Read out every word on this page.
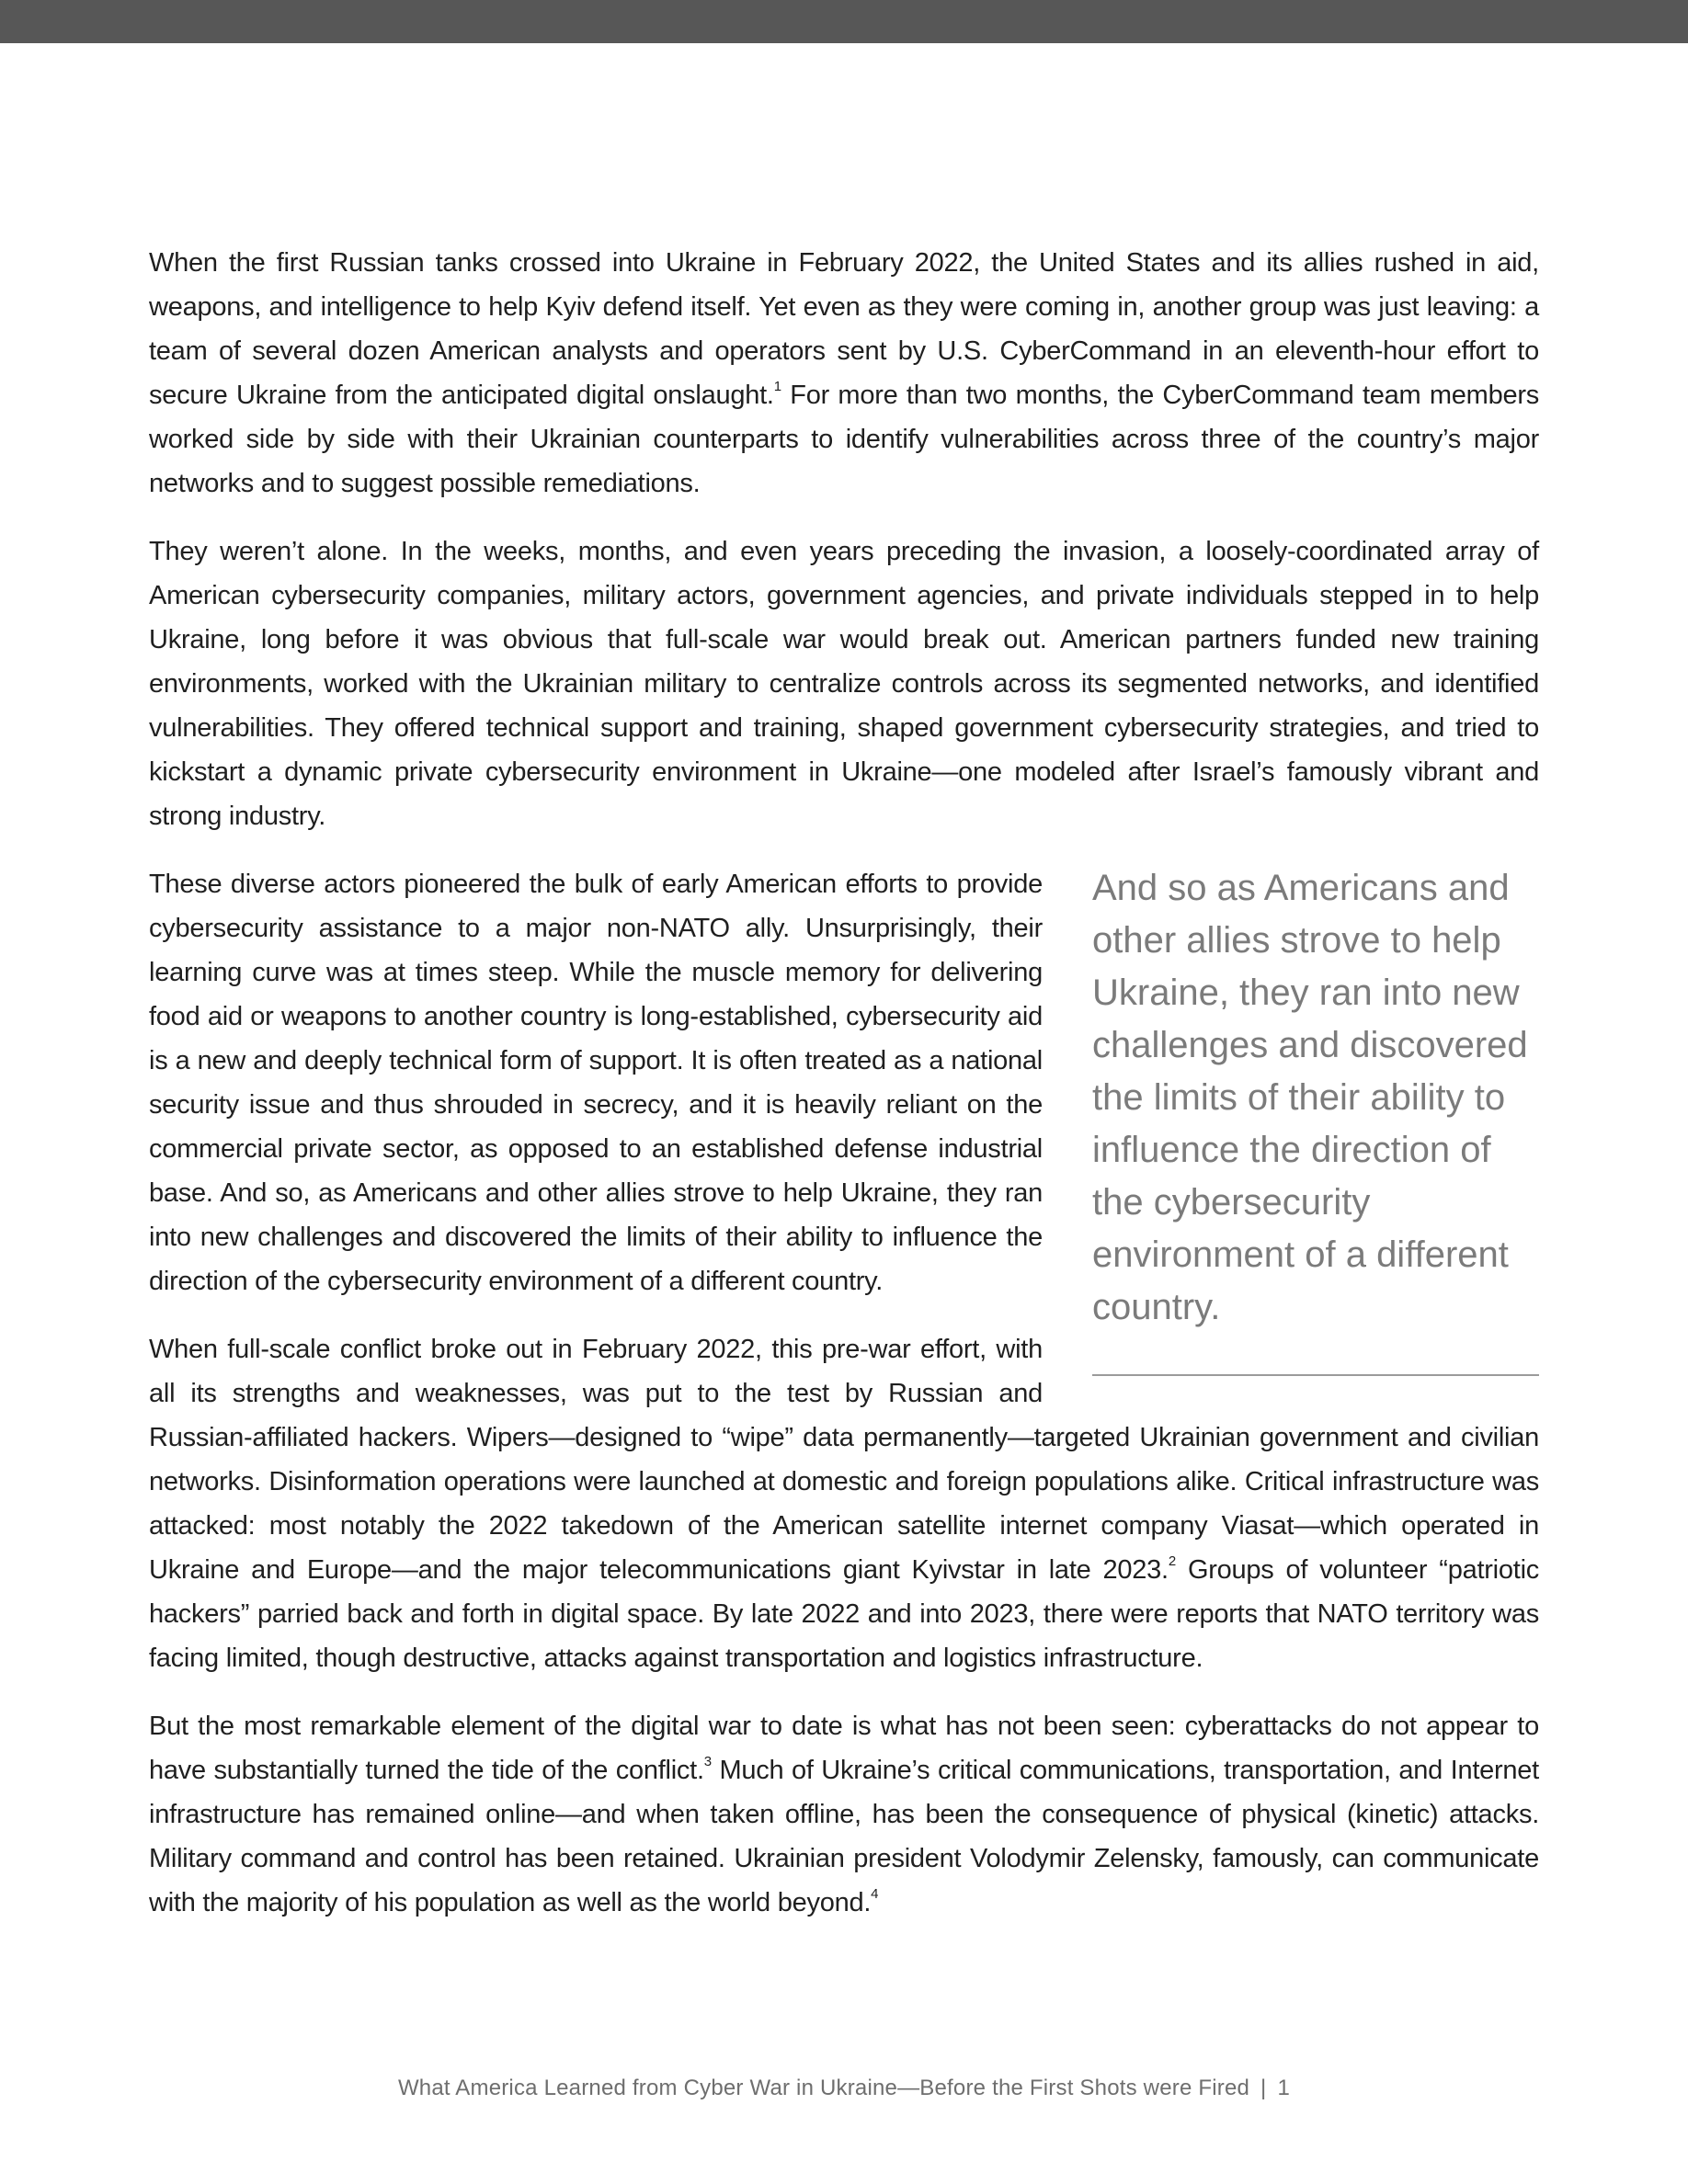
When the first Russian tanks crossed into Ukraine in February 2022, the United States and its allies rushed in aid, weapons, and intelligence to help Kyiv defend itself. Yet even as they were coming in, another group was just leaving: a team of several dozen American analysts and operators sent by U.S. CyberCommand in an eleventh-hour effort to secure Ukraine from the anticipated digital onslaught.$^1$ For more than two months, the CyberCommand team members worked side by side with their Ukrainian counterparts to identify vulnerabilities across three of the country’s major networks and to suggest possible remediations.

They weren’t alone. In the weeks, months, and even years preceding the invasion, a loosely-coordinated array of American cybersecurity companies, military actors, government agencies, and private individuals stepped in to help Ukraine, long before it was obvious that full-scale war would break out. American partners funded new training environments, worked with the Ukrainian military to centralize controls across its segmented networks, and identified vulnerabilities. They offered technical support and training, shaped government cybersecurity strategies, and tried to kickstart a dynamic private cybersecurity environment in Ukraine—one modeled after Israel’s famously vibrant and strong industry.

And so as Americans and other allies strove to help Ukraine, they ran into new challenges and discovered the limits of their ability to influence the direction of the cybersecurity environment of a different country.

These diverse actors pioneered the bulk of early American efforts to provide cybersecurity assistance to a major non-NATO ally. Unsurprisingly, their learning curve was at times steep. While the muscle memory for delivering food aid or weapons to another country is long-established, cybersecurity aid is a new and deeply technical form of support. It is often treated as a national security issue and thus shrouded in secrecy, and it is heavily reliant on the commercial private sector, as opposed to an established defense industrial base. And so, as Americans and other allies strove to help Ukraine, they ran into new challenges and discovered the limits of their ability to influence the direction of the cybersecurity environment of a different country.

When full-scale conflict broke out in February 2022, this pre-war effort, with all its strengths and weaknesses, was put to the test by Russian and Russian-affiliated hackers. Wipers—designed to “wipe” data permanently—targeted Ukrainian government and civilian networks. Disinformation operations were launched at domestic and foreign populations alike. Critical infrastructure was attacked: most notably the 2022 takedown of the American satellite internet company Viasat—which operated in Ukraine and Europe—and the major telecommunications giant Kyivstar in late 2023.$^2$ Groups of volunteer “patriotic hackers” parried back and forth in digital space. By late 2022 and into 2023, there were reports that NATO territory was facing limited, though destructive, attacks against transportation and logistics infrastructure.

But the most remarkable element of the digital war to date is what has not been seen: cyberattacks do not appear to have substantially turned the tide of the conflict.$^3$ Much of Ukraine’s critical communications, transportation, and Internet infrastructure has remained online—and when taken offline, has been the consequence of physical (kinetic) attacks. Military command and control has been retained. Ukrainian president Volodymir Zelensky, famously, can communicate with the majority of his population as well as the world beyond.$^4$

What America Learned from Cyber War in Ukraine—Before the First Shots were Fired | 1
